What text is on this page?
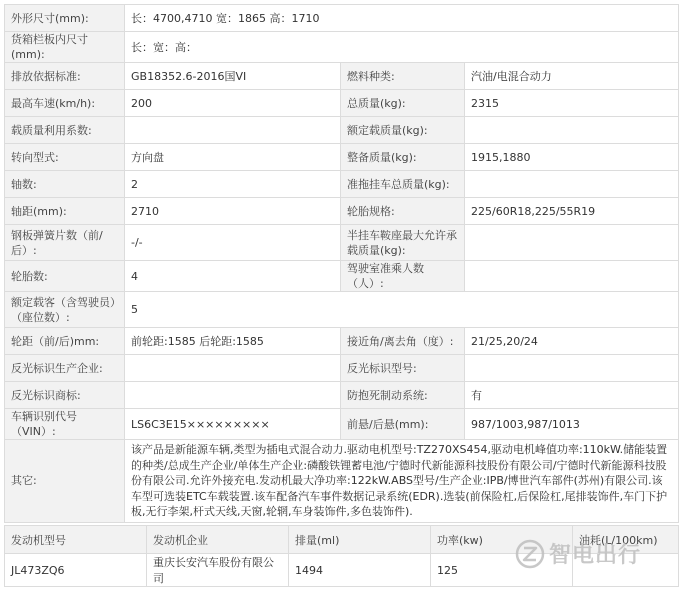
外形尺寸(mm):	长：4700,4710 宽：1865 高：1710		
货箱栏板内尺寸(mm):	长：宽：高：		
排放依据标准:	GB18352.6-2016国VI	燃料种类:	汽油/电混合动力
最高车速(km/h):	200	总质量(kg):	2315
载质量利用系数:		额定载质量(kg):	
转向型式:	方向盘	整备质量(kg):	1915,1880
轴数:	2	准拖挂车总质量(kg):	
轴距(mm):	2710	轮胎规格:	225/60R18,225/55R19
钢板弹簧片数（前/后）:	-/-	半挂车鞍座最大允许承载质量(kg):	
轮胎数:	4	驾驶室准乘人数（人）:	
额定载客（含驾驶员）（座位数）:	5		
轮距（前/后)mm:	前轮距:1585 后轮距:1585	接近角/离去角（度）:	21/25,20/24
反光标识生产企业:		反光标识型号:	
反光标识商标:		防抱死制动系统:	有
车辆识别代号（VIN）:	LS6C3E15×××××××××	前悬/后悬(mm):	987/1003,987/1013
其它:	该产品是新能源车辆,类型为插电式混合动力.驱动电机型号:TZ270XS454,驱动电机峰值功率:110kW.储能装置的种类/总成生产企业/单体生产企业:磷酸铁锂蓄电池/宁德时代新能源科技股份有限公司/宁德时代新能源科技股份有限公司.允许外接充电.发动机最大净功率:122kW.ABS型号/生产企业:IPB/博世汽车部件(苏州)有限公司.该车型可选装ETC车载装置.该车配备汽车事件数据记录系统(EDR).选装(前保险杠,后保险杠,尾排装饰件,车门下护板,无行李架,杆式天线,天窗,轮辋,车身装饰件,多色装饰件).		
发动机型号	发动机企业	排量(ml)	功率(kw)	油耗(L/100km)
JL473ZQ6	重庆长安汽车股份有限公司	1494	125	
智电出行
